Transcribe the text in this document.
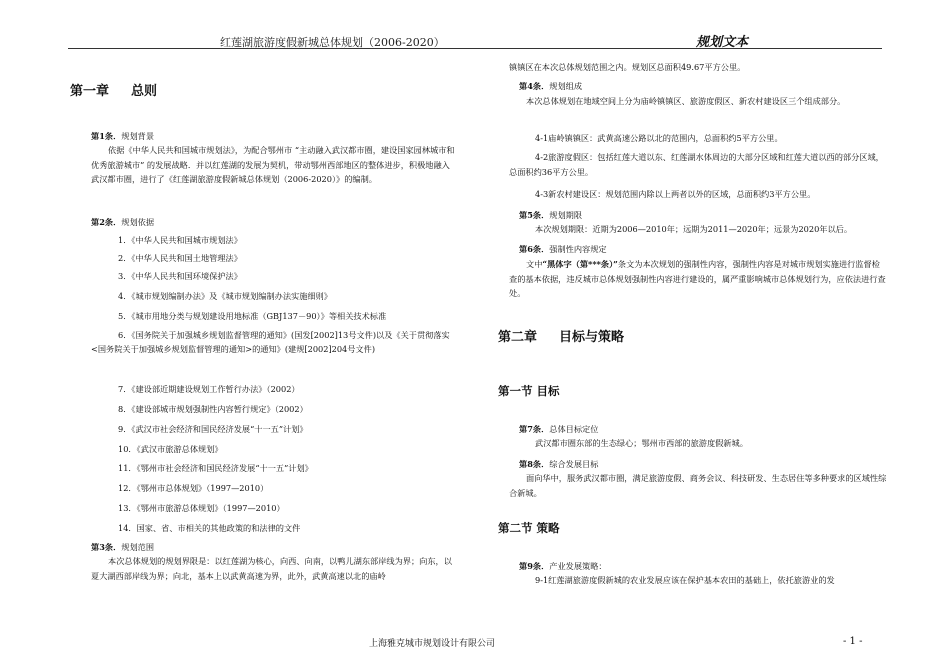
红莲湖旅游度假新城总体规划（2006-2020）	规划文本
第一章 总则
第1条．规划背景
依据《中华人民共和国城市规划法》，为配合鄂州市 “主动融入武汉都市圈，建设国家园林城市和优秀旅游城市” 的发展战略．并以红莲湖的发展为契机，带动鄂州西部地区的整体进步，积极地融入武汉都市圈，进行了《红莲湖旅游度假新城总体规划（2006-2020）》的编制。
第2条．规划依据
1．《中华人民共和国城市规划法》
2．《中华人民共和国土地管理法》
3．《中华人民共和国环境保护法》
4．《城市规划编制办法》及《城市规划编制办法实施细则》
5．《城市用地分类与规划建设用地标准（GBJ137－90）》等相关技术标准
6．《国务院关于加强城乡规划监督管理的通知》(国发[2002]13号文件)以及《关于贯彻落实<国务院关于加强城乡规划监督管理的通知>的通知》(建规[2002]204号文件)
7．《建设部近期建设规划工作暂行办法》（2002）
8．《建设部城市规划强制性内容暂行规定》（2002）
9．《武汉市社会经济和国民经济发展“十一五”计划》
10．《武汉市旅游总体规划》
11．《鄂州市社会经济和国民经济发展“十一五”计划》
12．《鄂州市总体规划》（1997—2010）
13．《鄂州市旅游总体规划》（1997—2010）
14．国家、省、市相关的其他政策的和法律的文件
第3条．规划范围
本次总体规划的规划界限是：以红莲湖为核心，向西、向南，以鸭儿湖东部岸线为界；向东，以夏大湖西部岸线为界；向北，基本上以武黄高速为界，此外，武黄高速以北的庙岭
镇镇区在本次总体规划范围之内。规划区总面积49.67平方公里。
第4条．规划组成
本次总体规划在地域空间上分为庙岭镇镇区、旅游度假区、新农村建设区三个组成部分。
4-1庙岭镇镇区：武黄高速公路以北的范围内，总面积约5平方公里。
4-2旅游度假区：包括红莲大道以东、红莲湖水体周边的大部分区域和红莲大道以西的部分区域，总面积约36平方公里。
4-3新农村建设区：规划范围内除以上两者以外的区域，总面积约3平方公里。
第5条．规划期限
本次规划期限：近期为2006—2010年；远期为2011—2020年；远景为2020年以后。
第6条．强制性内容规定
文中“黑体字（第***条）”条文为本次规划的强制性内容，强制性内容是对城市规划实施进行监督检查的基本依据，违反城市总体规划强制性内容进行建设的，属严重影响城市总体规划行为，应依法进行查处。
第二章 目标与策略
第一节 目标
第7条．总体目标定位
武汉都市圈东部的生态绿心；鄂州市西部的旅游度假新城。
第8条．综合发展目标
面向华中，服务武汉都市圈，满足旅游度假、商务会议、科技研发、生态居住等多种要求的区域性综合新城。
第二节 策略
第9条．产业发展策略：
9-1红莲湖旅游度假新城的农业发展应该在保护基本农田的基础上，依托旅游业的发
上海雅克城市规划设计有限公司	- 1 -
